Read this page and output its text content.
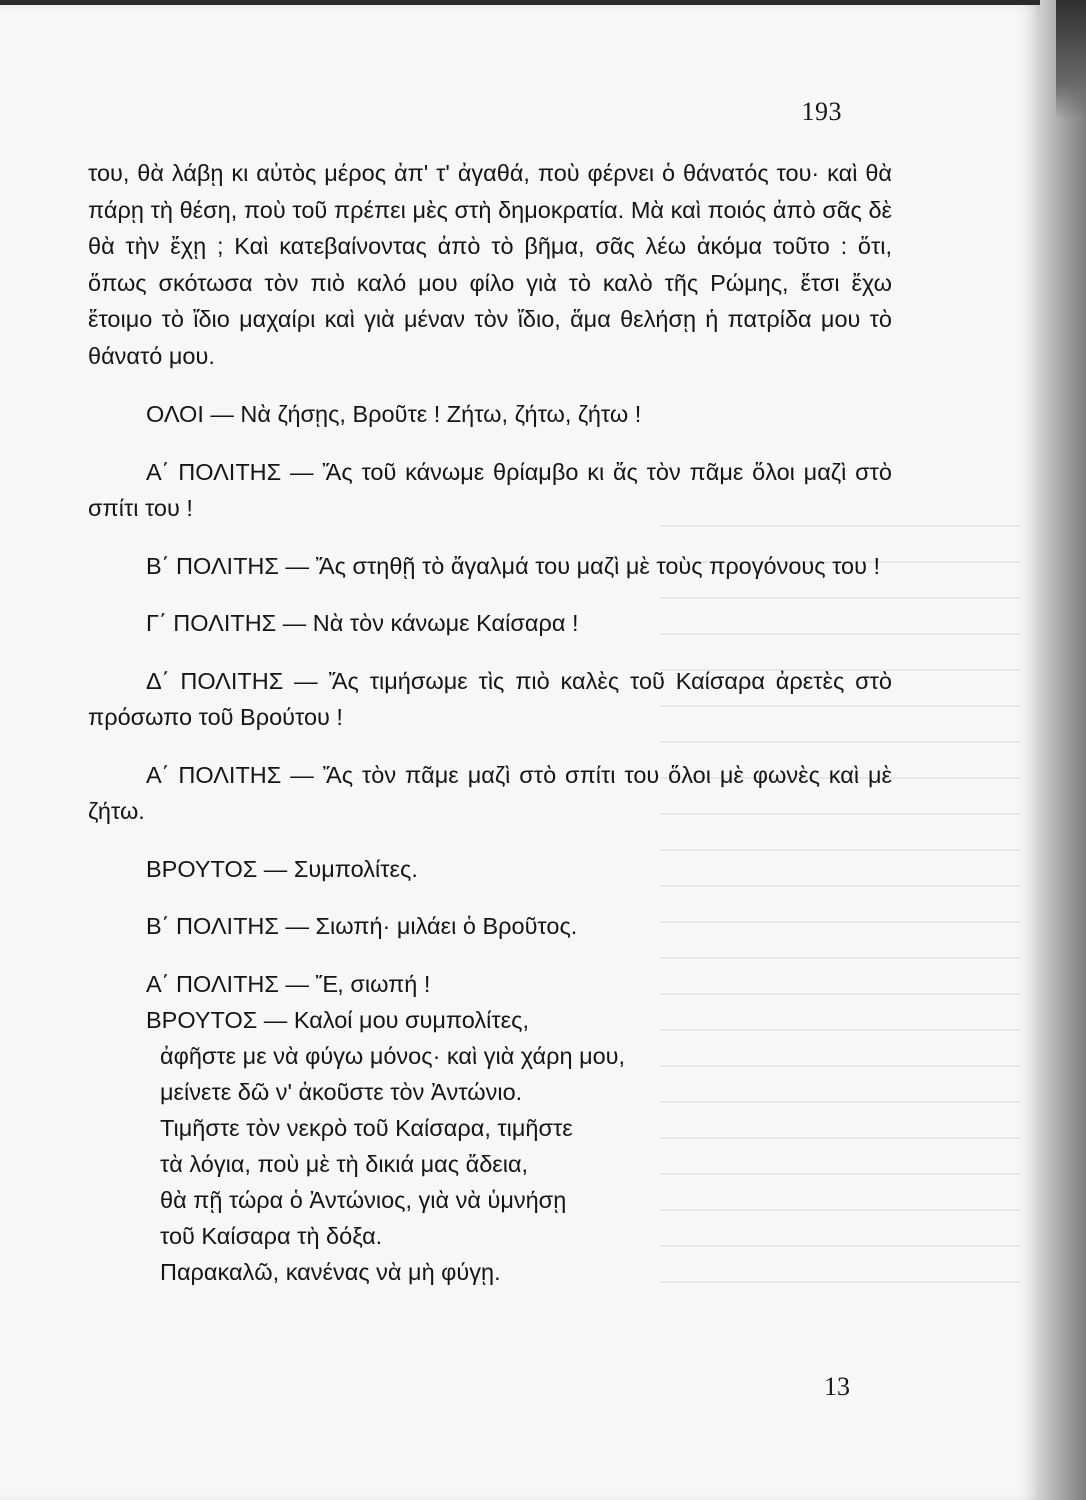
193

του, θὰ λάβῃ κι αὐτὸς μέρος ἀπ' τ' ἀγαθά, ποὺ φέρνει ὁ θάνατός του· καὶ θὰ πάρῃ τὴ θέση, ποὺ τοῦ πρέπει μὲς στὴ δημοκρατία. Μὰ καὶ ποιός ἀπὸ σᾶς δὲ θὰ τὴν ἔχῃ ; Καὶ κατεβαίνοντας ἀπὸ τὸ βῆμα, σᾶς λέω ἀκόμα τοῦτο : ὅτι, ὅπως σκότωσα τὸν πιὸ καλό μου φίλο γιὰ τὸ καλὸ τῆς Ρώμης, ἔτσι ἔχω ἕτοιμο τὸ ἴδιο μαχαίρι καὶ γιὰ μέναν τὸν ἴδιο, ἅμα θελήσῃ ἡ πατρίδα μου τὸ θάνατό μου.

ΟΛΟΙ — Νὰ ζήσῃς, Βροῦτε ! Ζήτω, ζήτω, ζήτω !

Α΄ ΠΟΛΙΤΗΣ — Ἄς τοῦ κάνωμε θρίαμβο κι ἄς τὸν πᾶμε ὅλοι μαζὶ στὸ σπίτι του !

Β΄ ΠΟΛΙΤΗΣ — Ἄς στηθῇ τὸ ἄγαλμά του μαζὶ μὲ τοὺς προγόνους του !

Γ΄ ΠΟΛΙΤΗΣ — Νὰ τὸν κάνωμε Καίσαρα !

Δ΄ ΠΟΛΙΤΗΣ — Ἄς τιμήσωμε τὶς πιὸ καλὲς τοῦ Καίσαρα ἀρετὲς στὸ πρόσωπο τοῦ Βρούτου !

Α΄ ΠΟΛΙΤΗΣ — Ἄς τὸν πᾶμε μαζὶ στὸ σπίτι του ὅλοι μὲ φωνὲς καὶ μὲ ζήτω.

ΒΡΟΥΤΟΣ — Συμπολίτες.

Β΄ ΠΟΛΙΤΗΣ — Σιωπή· μιλάει ὁ Βροῦτος.

Α΄ ΠΟΛΙΤΗΣ — Ἔ, σιωπή !

ΒΡΟΥΤΟΣ — Καλοί μου συμπολίτες,
ἀφῆστε με νὰ φύγω μόνος· καὶ γιὰ χάρη μου,
μείνετε δῶ ν' ἀκοῦστε τὸν Ἀντώνιο.
Τιμῆστε τὸν νεκρὸ τοῦ Καίσαρα, τιμῆστε
τὰ λόγια, ποὺ μὲ τὴ δικιά μας ἄδεια,
θὰ πῇ τώρα ὁ Ἀντώνιος, γιὰ νὰ ὑμνήσῃ
τοῦ Καίσαρα τὴ δόξα.
Παρακαλῶ, κανένας νὰ μὴ φύγῃ.
13
